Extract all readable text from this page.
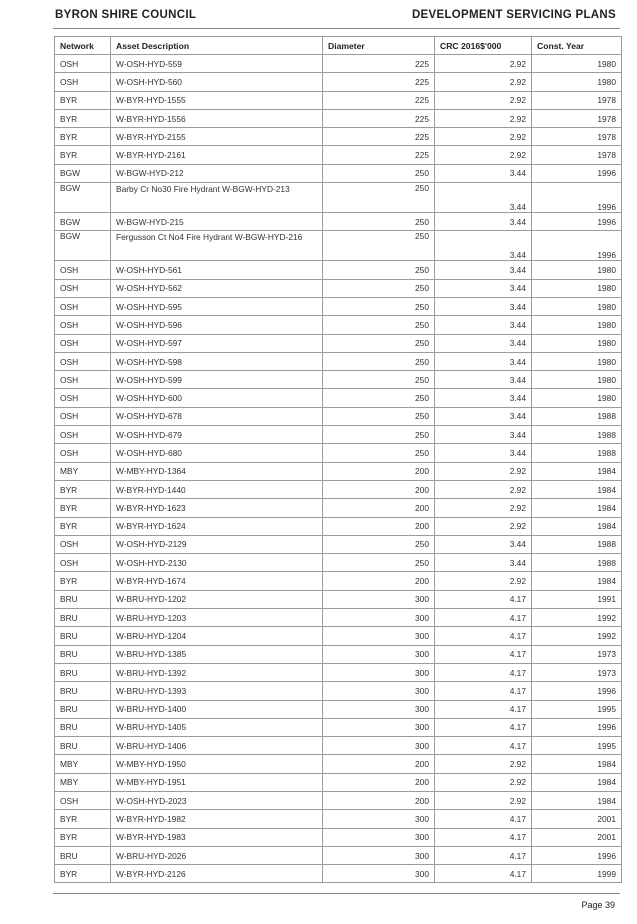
BYRON SHIRE COUNCIL	DEVELOPMENT SERVICING PLANS
Network	Asset Description	Diameter	CRC 2016$'000	Const. Year
OSH	W-OSH-HYD-559	225	2.92	1980
OSH	W-OSH-HYD-560	225	2.92	1980
BYR	W-BYR-HYD-1555	225	2.92	1978
BYR	W-BYR-HYD-1556	225	2.92	1978
BYR	W-BYR-HYD-2155	225	2.92	1978
BYR	W-BYR-HYD-2161	225	2.92	1978
BGW	W-BGW-HYD-212	250	3.44	1996
BGW	Barby Cr No30 Fire Hydrant W-BGW-HYD-213	250	3.44	1996
BGW	W-BGW-HYD-215	250	3.44	1996
BGW	Fergusson Ct No4 Fire Hydrant W-BGW-HYD-216	250	3.44	1996
OSH	W-OSH-HYD-561	250	3.44	1980
OSH	W-OSH-HYD-562	250	3.44	1980
OSH	W-OSH-HYD-595	250	3.44	1980
OSH	W-OSH-HYD-596	250	3.44	1980
OSH	W-OSH-HYD-597	250	3.44	1980
OSH	W-OSH-HYD-598	250	3.44	1980
OSH	W-OSH-HYD-599	250	3.44	1980
OSH	W-OSH-HYD-600	250	3.44	1980
OSH	W-OSH-HYD-678	250	3.44	1988
OSH	W-OSH-HYD-679	250	3.44	1988
OSH	W-OSH-HYD-680	250	3.44	1988
MBY	W-MBY-HYD-1364	200	2.92	1984
BYR	W-BYR-HYD-1440	200	2.92	1984
BYR	W-BYR-HYD-1623	200	2.92	1984
BYR	W-BYR-HYD-1624	200	2.92	1984
OSH	W-OSH-HYD-2129	250	3.44	1988
OSH	W-OSH-HYD-2130	250	3.44	1988
BYR	W-BYR-HYD-1674	200	2.92	1984
BRU	W-BRU-HYD-1202	300	4.17	1991
BRU	W-BRU-HYD-1203	300	4.17	1992
BRU	W-BRU-HYD-1204	300	4.17	1992
BRU	W-BRU-HYD-1385	300	4.17	1973
BRU	W-BRU-HYD-1392	300	4.17	1973
BRU	W-BRU-HYD-1393	300	4.17	1996
BRU	W-BRU-HYD-1400	300	4.17	1995
BRU	W-BRU-HYD-1405	300	4.17	1996
BRU	W-BRU-HYD-1406	300	4.17	1995
MBY	W-MBY-HYD-1950	200	2.92	1984
MBY	W-MBY-HYD-1951	200	2.92	1984
OSH	W-OSH-HYD-2023	200	2.92	1984
BYR	W-BYR-HYD-1982	300	4.17	2001
BYR	W-BYR-HYD-1983	300	4.17	2001
BRU	W-BRU-HYD-2026	300	4.17	1996
BYR	W-BYR-HYD-2126	300	4.17	1999
Page 39
